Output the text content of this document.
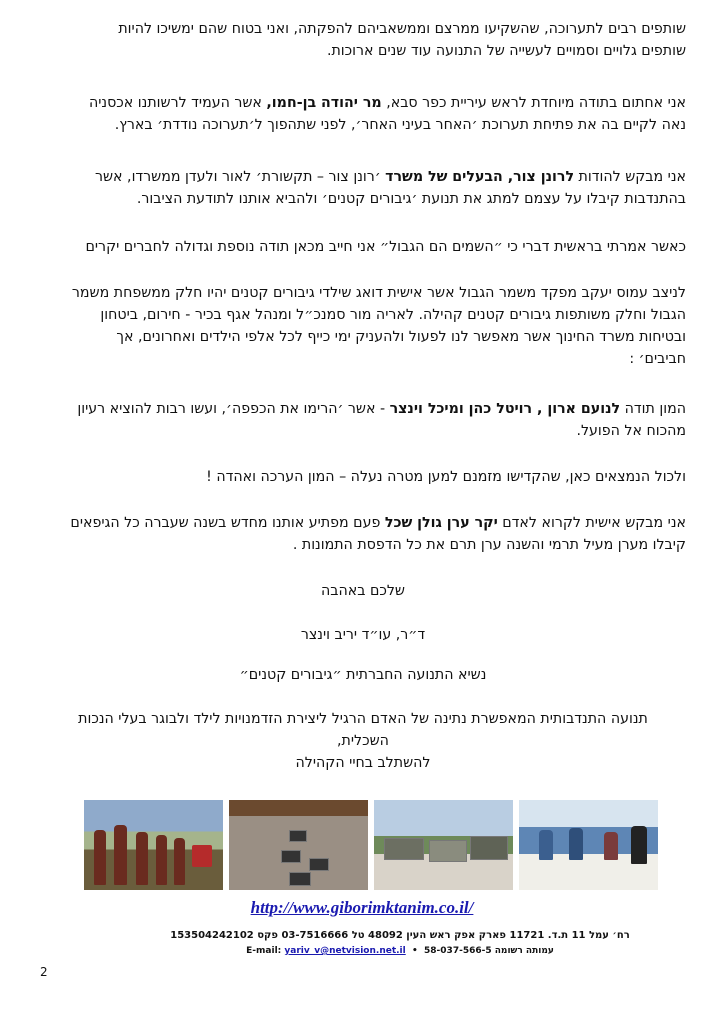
שותפים רבים לתערוכה, שהשקיעו ממרצם וממשאביהם להפקתה, ואני בטוח שהם ימשיכו להיות
שותפים גלויים וסמויים לעשייה של התנועה עוד שנים ארוכות.
אני אחתום בתודה מיוחדת לראש עיריית כפר סבא, מר יהודה בן-חמו, אשר העמיד לרשותנו אכסניה
נאה לקיים בה את פתיחת תערוכת ׳האחר בעיני האחר׳, לפני שתהפוך ל׳תערוכה נודדת׳ בארץ.
אני מבקש להודות לרונן צור, הבעלים של משרד ׳רונן צור – תקשורת׳ לאור ולעדן ממשרדו, אשר
בהתנדבות קיבלו על עצמם למתג את תנועת ׳גיבורים קטנים׳ ולהביא אותנו לתודעת הציבור.
כאשר אמרתי בראשית דברי כי ״השמים הם הגבול״ אני חייב מכאן תודה נוספת וגדולה לחברים יקרים
לניצב עמוס יעקב מפקד משמר הגבול אשר אישית דואג שילדי גיבורים קטנים יהיו חלק ממשפחת משמר
הגבול וחלק משותפות גיבורים קטנים קהילה. לאריה מור סמנכ״ל ומנהל אגף בכיר - חירום, ביטחון
ובטיחות משרד החינוך אשר מאפשר לנו לפעול ולהעניק ימי כייף לכל אלפי הילדים ואחרונים, אך
חביבים׳ :
המון תודה לנועם ארון , רויטל כהן ומיכל וינצר - אשר ׳הרימו את הכפפה׳, ועשו רבות להוציא רעיון
מהכוח אל הפועל.
ולכול הנמצאים כאן, שהקדישו מזמנם למען מטרה נעלה – המון הערכה ואהדה !
אני מבקש אישית לקרוא לאדם יקר ערן גולן שכל פעם מפתיע אותנו מחדש בשנה שעברה כל הגיפאים
קיבלו מערן מעיל תרמי והשנה ערן תרם את כל הדפסת התמונות .
שלכם באהבה
ד״ר, עו״ד יריב וינצר
נשיא התנועה החברתית ״גיבורים קטנים״
תנועה התנדבותית המאפשרת נתינה של האדם הרגיל ליצירת הזדמנויות לילד ולבוגר בעלי הנכות
השכלית,
להשתלב בחיי הקהילה
http://www.giborimktanim.co.il/
רח׳ עמל 11 ת.ד. 11721 פארק אפק ראש העין 48092 טל 03-7516666 פקס 153504242102
עמותה רשומה 58-037-566-5  •  E-mail: yariv_v@netvision.net.il
2
